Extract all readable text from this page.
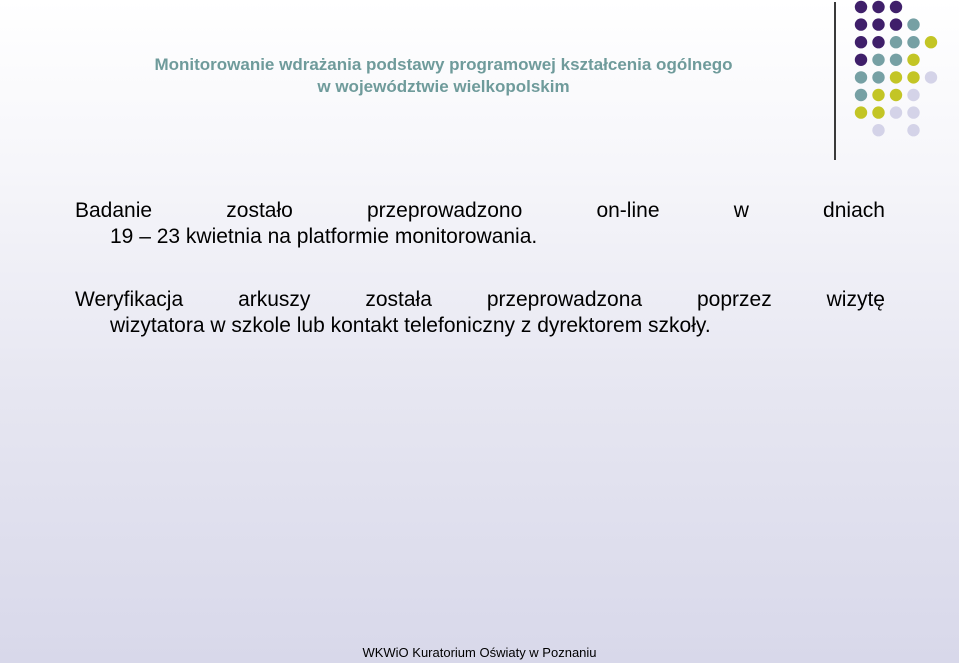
Monitorowanie wdrażania podstawy programowej kształcenia ogólnego
w województwie wielkopolskim
Badanie	zostało	przeprowadzono	on-line	w	dniach
19 – 23 kwietnia na platformie monitorowania.
Weryfikacja	arkuszy	została	przeprowadzona	poprzez	wizytę
wizytatora w szkole lub kontakt telefoniczny z dyrektorem szkoły.
WKWiO Kuratorium Oświaty w Poznaniu
